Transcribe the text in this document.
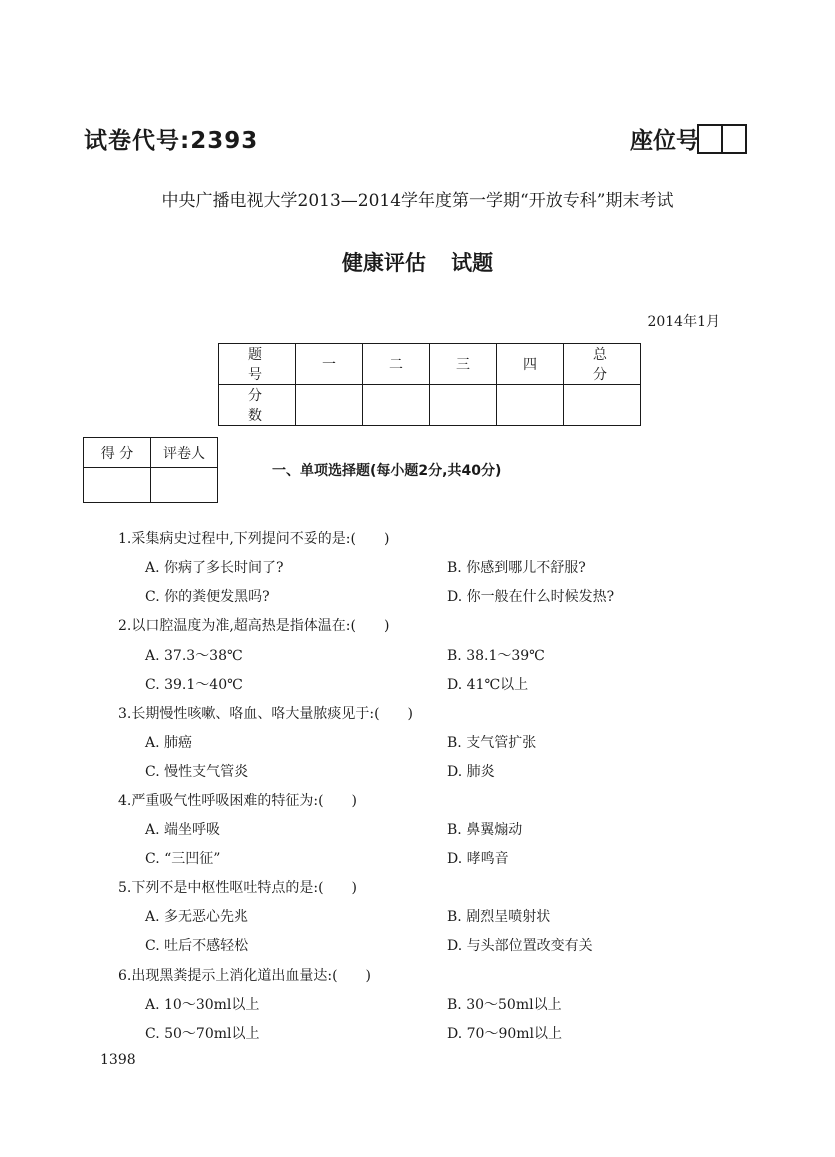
试卷代号:2393	座位号
中央广播电视大学2013—2014学年度第一学期“开放专科”期末考试
健康评估 试题
2014年1月
题 号	一	二	三	四	总 分
分 数					
得 分	评卷人

一、单项选择题(每小题2分,共40分)
1.采集病史过程中,下列提问不妥的是:(　　)
A. 你病了多长时间了?	B. 你感到哪儿不舒服?
C. 你的粪便发黑吗?	D. 你一般在什么时候发热?
2.以口腔温度为准,超高热是指体温在:(　　)
A. 37.3～38℃	B. 38.1～39℃
C. 39.1～40℃	D. 41℃以上
3.长期慢性咳嗽、咯血、咯大量脓痰见于:(　　)
A. 肺癌	B. 支气管扩张
C. 慢性支气管炎	D. 肺炎
4.严重吸气性呼吸困难的特征为:(　　)
A. 端坐呼吸	B. 鼻翼煽动
C. “三凹征”	D. 哮鸣音
5.下列不是中枢性呕吐特点的是:(　　)
A. 多无恶心先兆	B. 剧烈呈喷射状
C. 吐后不感轻松	D. 与头部位置改变有关
6.出现黑粪提示上消化道出血量达:(　　)
A. 10～30ml以上	B. 30～50ml以上
C. 50～70ml以上	D. 70～90ml以上
1398
